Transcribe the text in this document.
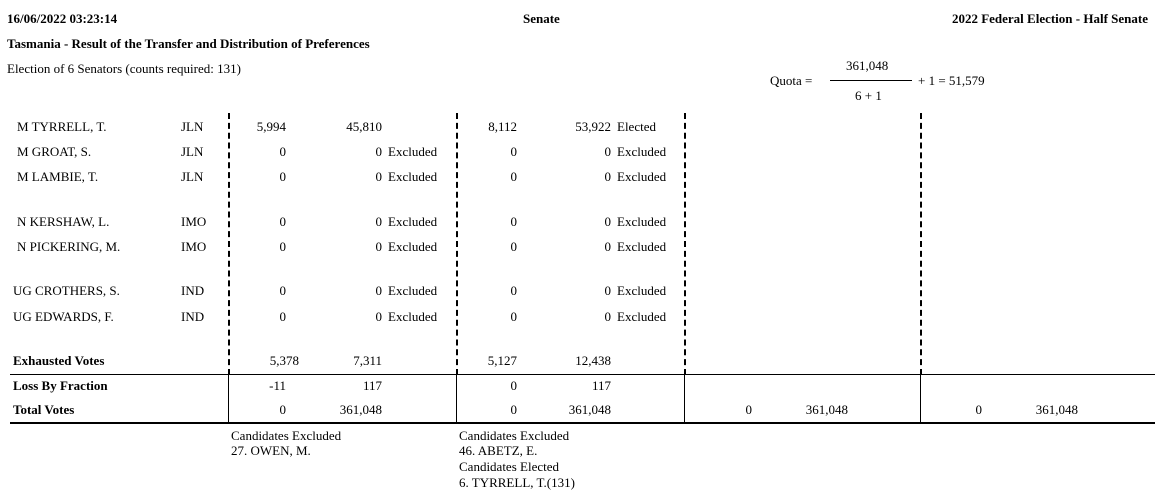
16/06/2022 03:23:14	Senate	2022 Federal Election - Half Senate
Tasmania - Result of the Transfer and Distribution of Preferences
Election of 6 Senators (counts required: 131)
Quota =
361,048
6 + 1
+ 1 = 51,579
M TYRRELL, T.	JLN	5,994	45,810	8,112	53,922 Elected
M GROAT, S.	JLN	0	0 Excluded	0	0 Excluded
M LAMBIE, T.	JLN	0	0 Excluded	0	0 Excluded
N KERSHAW, L.	IMO	0	0 Excluded	0	0 Excluded
N PICKERING, M.	IMO	0	0 Excluded	0	0 Excluded
UG CROTHERS, S.	IND	0	0 Excluded	0	0 Excluded
UG EDWARDS, F.	IND	0	0 Excluded	0	0 Excluded
Exhausted Votes	5,378	7,311	5,127	12,438
Loss By Fraction	-11	117	0	117
Total Votes	0	361,048	0	361,048	0	361,048	0	361,048
Candidates Excluded
27. OWEN, M.
Candidates Excluded
46. ABETZ, E.
Candidates Elected
6. TYRRELL, T.(131)
